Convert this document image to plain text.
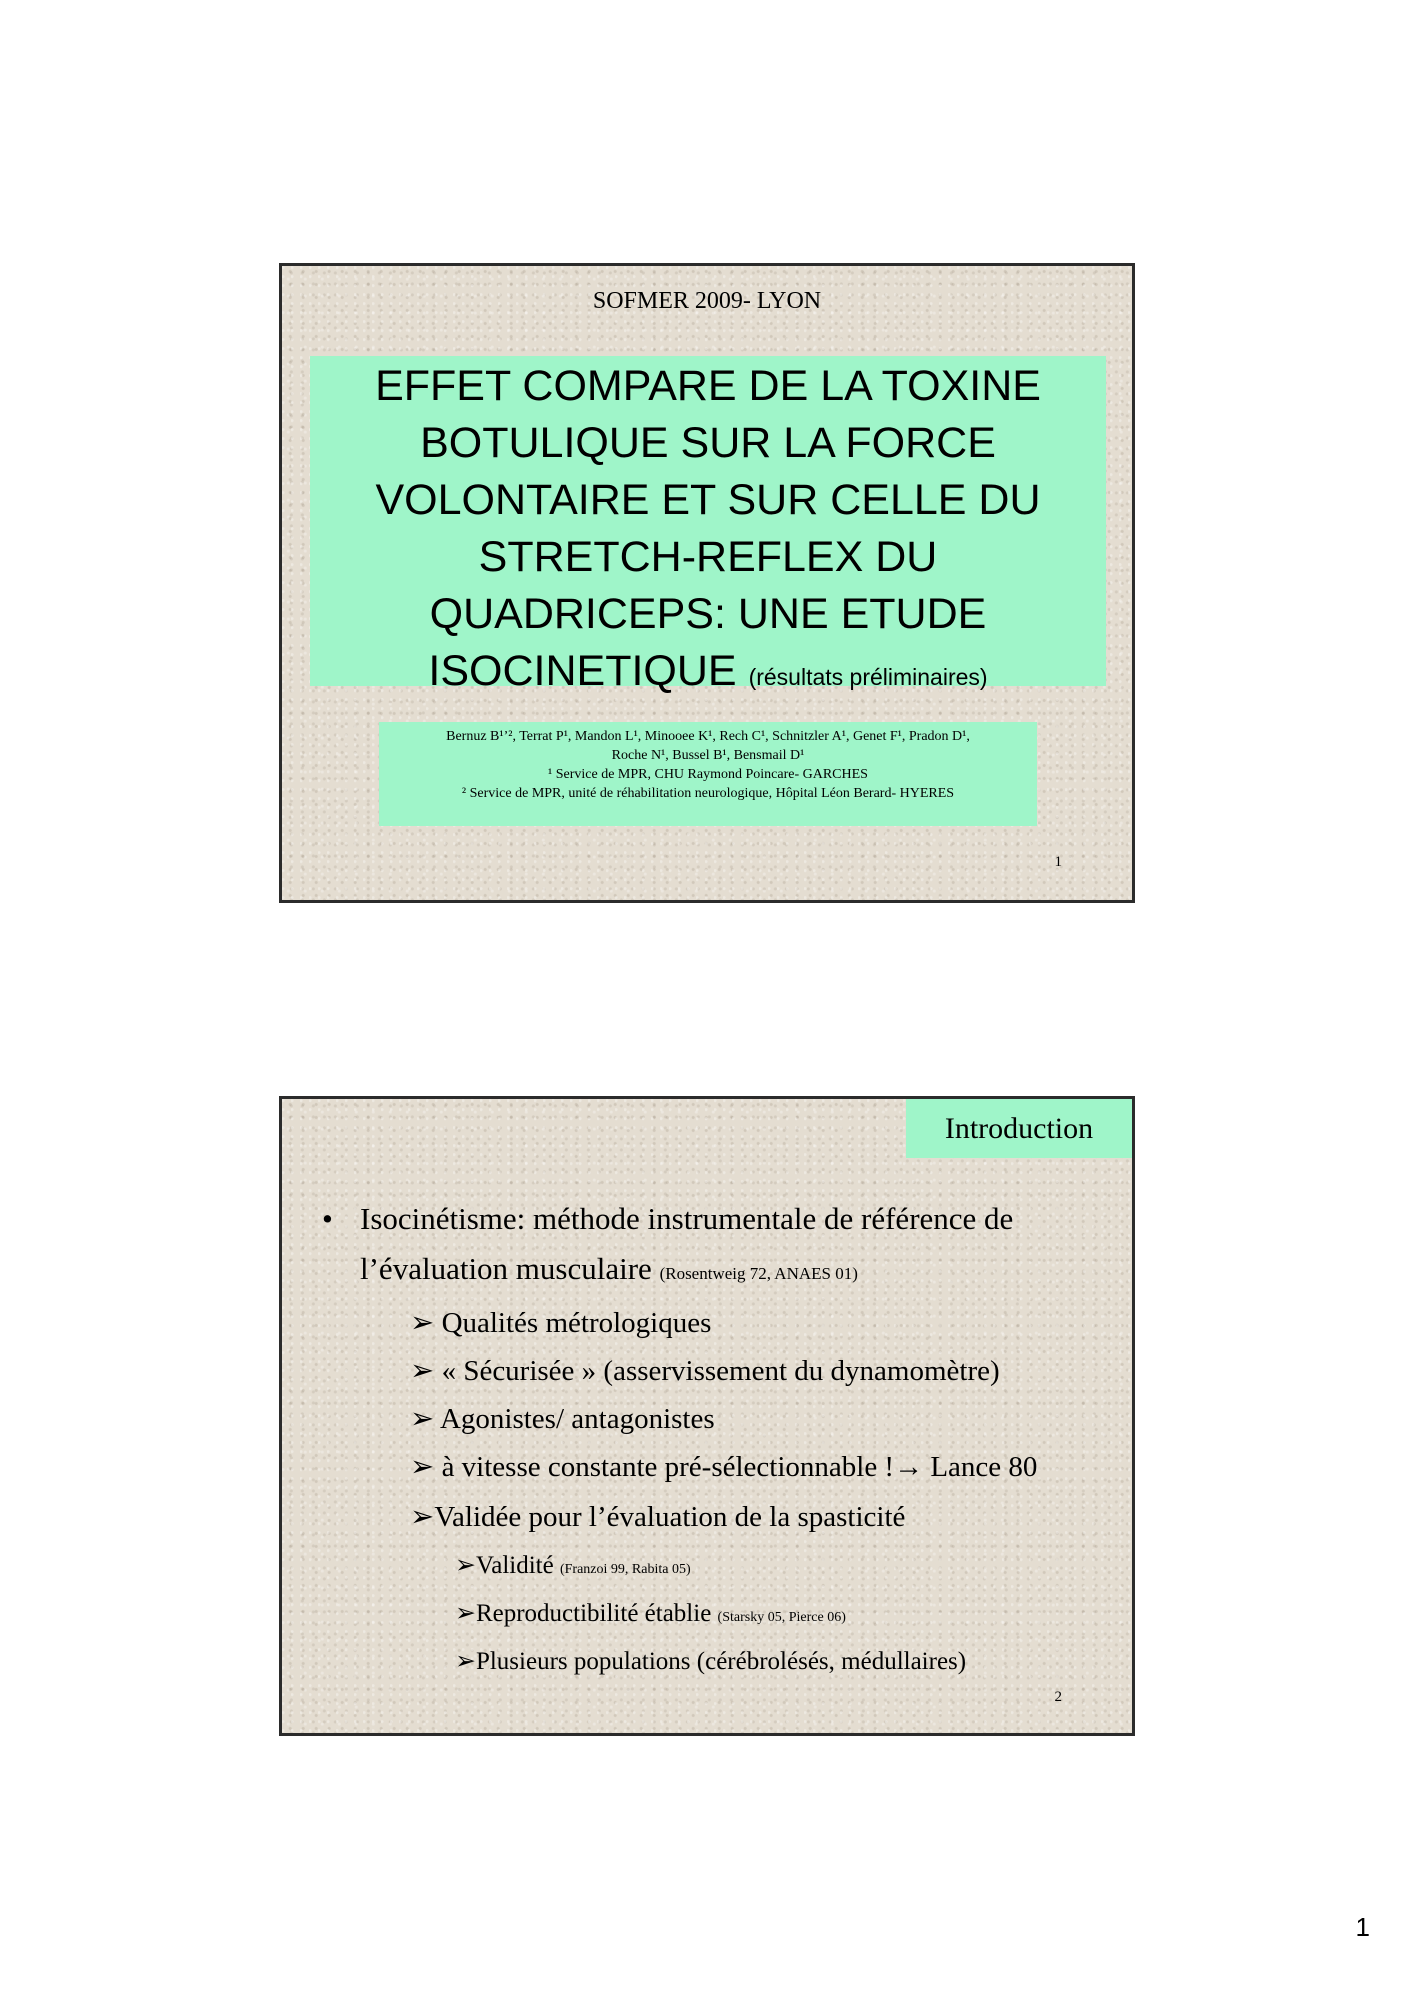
SOFMER 2009- LYON
EFFET COMPARE DE LA TOXINE
BOTULIQUE SUR LA FORCE
VOLONTAIRE ET SUR CELLE DU
STRETCH-REFLEX DU
QUADRICEPS: UNE ETUDE
ISOCINETIQUE (résultats préliminaires)
Bernuz B¹’², Terrat P¹, Mandon L¹, Minooee K¹, Rech C¹, Schnitzler A¹, Genet F¹, Pradon D¹,
Roche N¹, Bussel B¹, Bensmail D¹
¹ Service de MPR, CHU Raymond Poincare- GARCHES
² Service de MPR, unité de réhabilitation neurologique, Hôpital Léon Berard- HYERES
1
Introduction
• Isocinétisme: méthode instrumentale de référence de
l’évaluation musculaire (Rosentweig 72, ANAES 01)
➢ Qualités métrologiques
➢ « Sécurisée » (asservissement du dynamomètre)
➢ Agonistes/ antagonistes
➢ à vitesse constante pré-sélectionnable !→ Lance 80
➢Validée pour l’évaluation de la spasticité
➢Validité (Franzoi 99, Rabita 05)
➢Reproductibilité établie (Starsky 05, Pierce 06)
➢Plusieurs populations (cérébrolésés, médullaires)
2
1
